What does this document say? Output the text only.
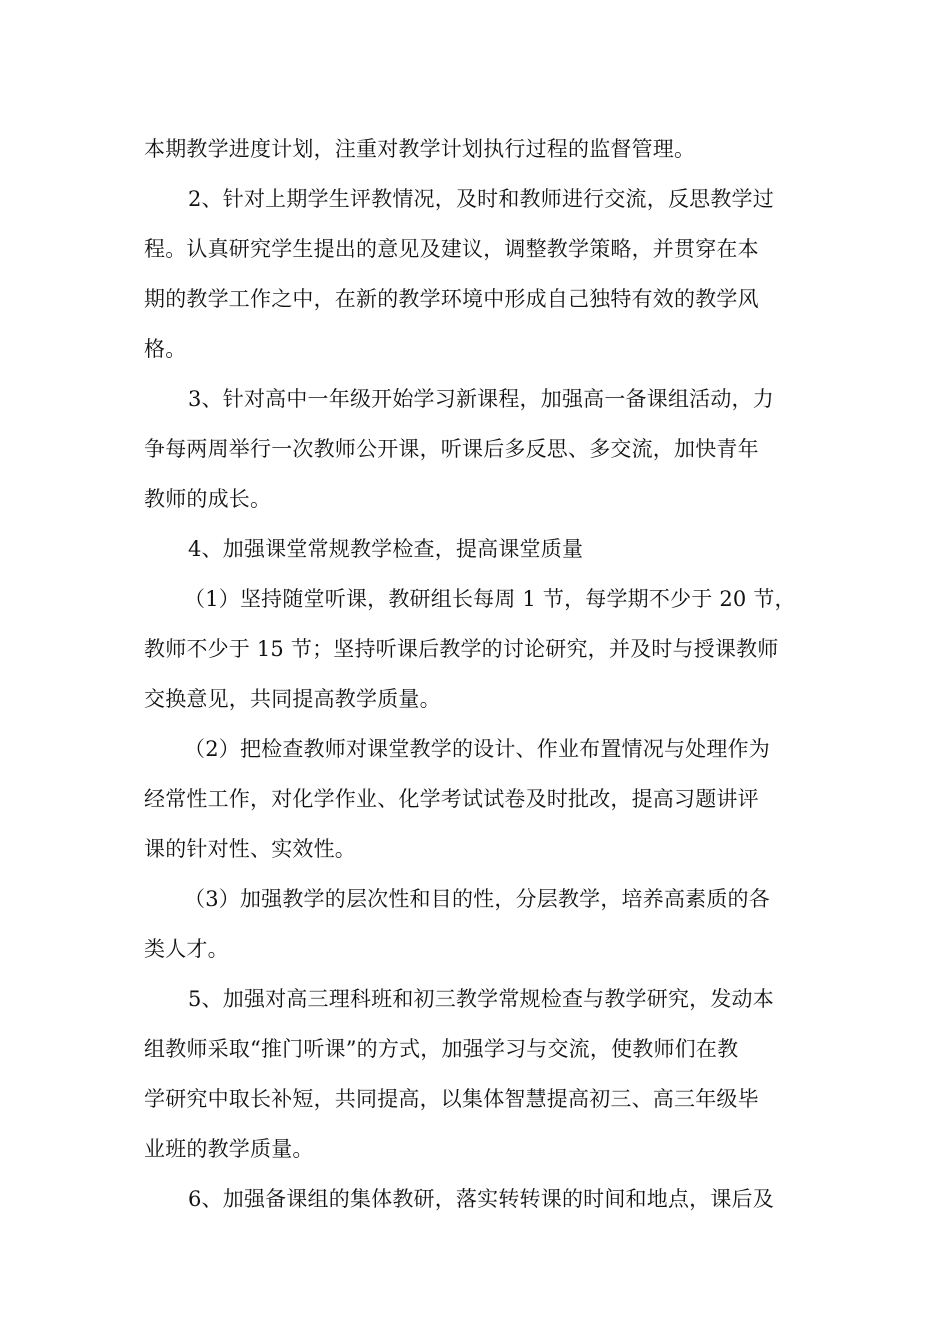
本期教学进度计划，注重对教学计划执行过程的监督管理。
2、针对上期学生评教情况，及时和教师进行交流，反思教学过
程。认真研究学生提出的意见及建议，调整教学策略，并贯穿在本
期的教学工作之中，在新的教学环境中形成自己独特有效的教学风
格。
3、针对高中一年级开始学习新课程，加强高一备课组活动，力
争每两周举行一次教师公开课，听课后多反思、多交流，加快青年
教师的成长。
4、加强课堂常规教学检查，提高课堂质量
（1）坚持随堂听课，教研组长每周 1 节，每学期不少于 20 节，
教师不少于 15 节；坚持听课后教学的讨论研究，并及时与授课教师
交换意见，共同提高教学质量。
（2）把检查教师对课堂教学的设计、作业布置情况与处理作为
经常性工作，对化学作业、化学考试试卷及时批改，提高习题讲评
课的针对性、实效性。
（3）加强教学的层次性和目的性，分层教学，培养高素质的各
类人才。
5、加强对高三理科班和初三教学常规检查与教学研究，发动本
组教师采取“推门听课”的方式，加强学习与交流，使教师们在教
学研究中取长补短，共同提高，以集体智慧提高初三、高三年级毕
业班的教学质量。
6、加强备课组的集体教研，落实转转课的时间和地点，课后及
